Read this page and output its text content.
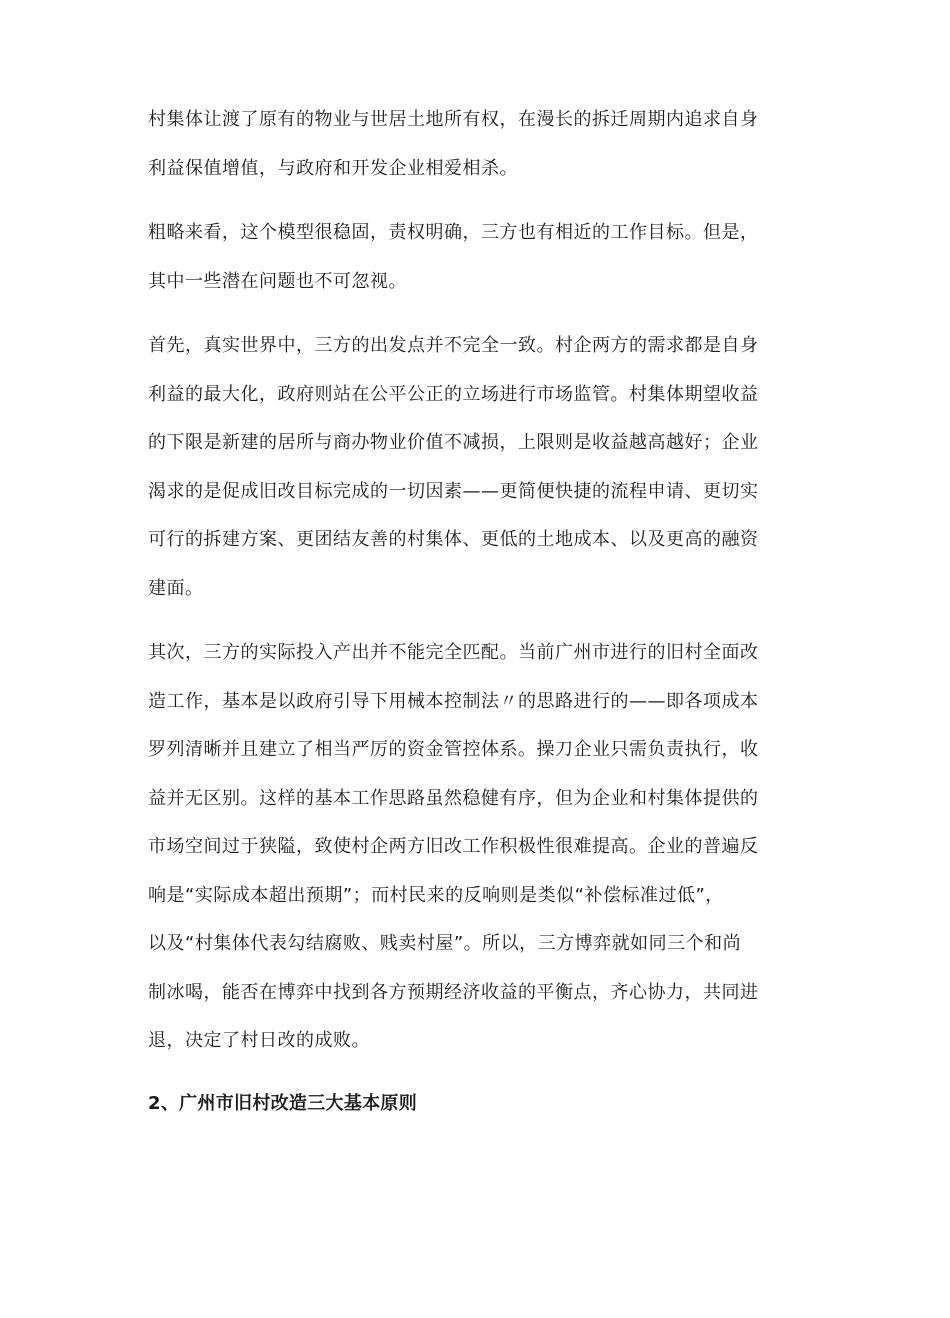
村集体让渡了原有的物业与世居土地所有权，在漫长的拆迁周期内追求自身
利益保值增值，与政府和开发企业相爱相杀。

粗略来看，这个模型很稳固，责权明确，三方也有相近的工作目标。但是，
其中一些潜在问题也不可忽视。

首先，真实世界中，三方的出发点并不完全一致。村企两方的需求都是自身
利益的最大化，政府则站在公平公正的立场进行市场监管。村集体期望收益
的下限是新建的居所与商办物业价值不减损，上限则是收益越高越好；企业
渴求的是促成旧改目标完成的一切因素——更简便快捷的流程申请、更切实
可行的拆建方案、更团结友善的村集体、更低的土地成本、以及更高的融资
建面。

其次，三方的实际投入产出并不能完全匹配。当前广州市进行的旧村全面改
造工作，基本是以政府引导下用械本控制法〃的思路进行的——即各项成本
罗列清晰并且建立了相当严厉的资金管控体系。操刀企业只需负责执行，收
益并无区别。这样的基本工作思路虽然稳健有序，但为企业和村集体提供的
市场空间过于狭隘，致使村企两方旧改工作积极性很难提高。企业的普遍反
响是“实际成本超出预期”；而村民来的反响则是类似“补偿标准过低”，
以及“村集体代表勾结腐败、贱卖村屋”。所以，三方博弈就如同三个和尚
制冰喝，能否在博弈中找到各方预期经济收益的平衡点，齐心协力，共同进
退，决定了村日改的成败。

2、广州市旧村改造三大基本原则
